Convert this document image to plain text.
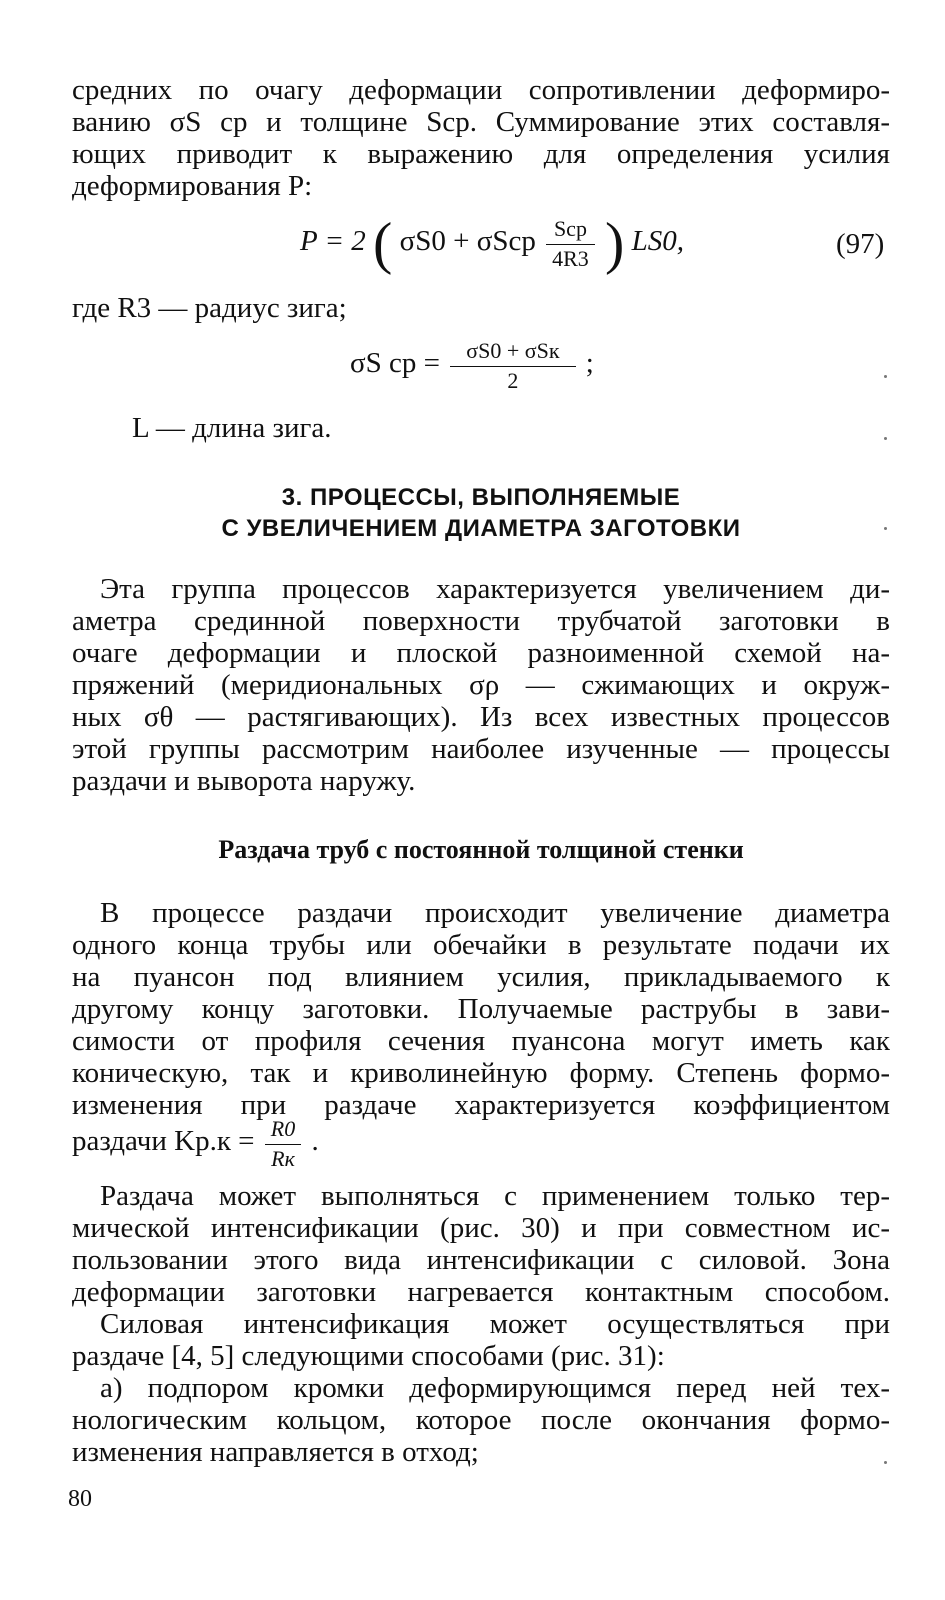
средних по очагу деформации сопротивлении деформиро-
ванию σS ср и толщине Sср. Суммирование этих составля-
ющих приводит к выражению для определения усилия
деформирования P:
P = 2 ( σS0 + σScp $\frac{\text{Scp}}{4R3}$ ) LS0,	(97)
где R3 — радиус зига;
σS ср = $\frac{\text{σS0 + σSк}}{2}$ ;
L — длина зига.
3. ПРОЦЕССЫ, ВЫПОЛНЯЕМЫЕ
С УВЕЛИЧЕНИЕМ ДИАМЕТРА ЗАГОТОВКИ
Эта группа процессов характеризуется увеличением ди-
аметра срединной поверхности трубчатой заготовки в
очаге деформации и плоской разноименной схемой на-
пряжений (меридиональных σρ — сжимающих и окруж-
ных σθ — растягивающих). Из всех известных процессов
этой группы рассмотрим наиболее изученные — процессы
раздачи и выворота наружу.
Раздача труб с постоянной толщиной стенки
В процессе раздачи происходит увеличение диаметра
одного конца трубы или обечайки в результате подачи их
на пуансон под влиянием усилия, прикладываемого к
другому концу заготовки. Получаемые раструбы в зави-
симости от профиля сечения пуансона могут иметь как
коническую, так и криволинейную форму. Степень формо-
изменения при раздаче характеризуется коэффициентом
раздачи $Kр.к = \frac{R0}{Rк}$ .
Раздача может выполняться с применением только тер-
мической интенсификации (рис. 30) и при совместном ис-
пользовании этого вида интенсификации с силовой. Зона
деформации заготовки нагревается контактным способом.
Силовая интенсификация может осуществляться при
раздаче [4, 5] следующими способами (рис. 31):
а) подпором кромки деформирующимся перед ней тех-
нологическим кольцом, которое после окончания формо-
изменения направляется в отход;
80
